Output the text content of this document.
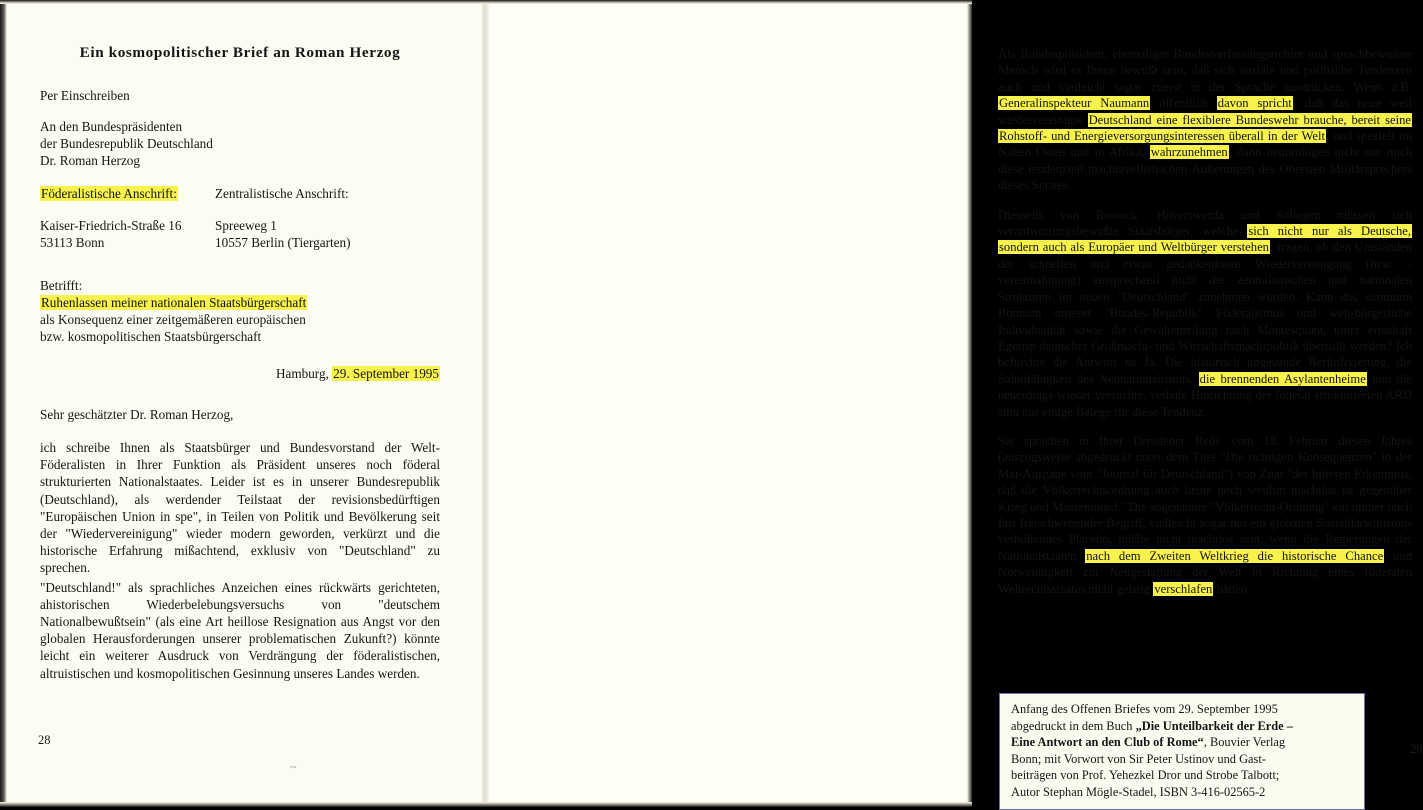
Ein kosmopolitischer Brief an Roman Herzog
Per Einschreiben
An den Bundespräsidenten
der Bundesrepublik Deutschland
Dr. Roman Herzog
Föderalistische Anschrift:	Zentralistische Anschrift:
Kaiser-Friedrich-Straße 16
53113 Bonn
Spreeweg 1
10557 Berlin (Tiergarten)
Betrifft:
Ruhenlassen meiner nationalen Staatsbürgerschaft
als Konsequenz einer zeitgemäßeren europäischen
bzw. kosmopolitischen Staatsbürgerschaft
Hamburg, 29. September 1995
Sehr geschätzter Dr. Roman Herzog,
ich schreibe Ihnen als Staatsbürger und Bundesvorstand der Welt-Föderalisten in Ihrer Funktion als Präsident unseres noch föderal strukturierten Nationalstaates. Leider ist es in unserer Bundesrepublik (Deutschland), als werdender Teilstaat der revisionsbedürftigen "Europäischen Union in spe", in Teilen von Politik und Bevölkerung seit der "Wiedervereinigung" wieder modern geworden, verkürzt und die historische Erfahrung mißachtend, exklusiv von "Deutschland" zu sprechen.
"Deutschland!" als sprachliches Anzeichen eines rückwärts gerichteten, ahistorischen Wiederbelebungsversuchs von "deutschem Nationalbewußtsein" (als eine Art heillose Resignation aus Angst vor den globalen Herausforderungen unserer problematischen Zukunft?) könnte leicht ein weiterer Ausdruck von Verdrängung der föderalistischen, altruistischen und kosmopolitischen Gesinnung unseres Landes werden.
28

Als Bundespräsident, ehemaliger Bundesverfassungsrichter und sprachbewußter Mensch wird es Ihnen bewußt sein, daß sich soziale und politische Tendenzen auch und vielleicht sogar zuerst in der Sprache ausdrücken. Wenn z.B. Generalinspekteur Naumann öffentlich davon spricht, daß das neue weil wiedervereinigte Deutschland eine flexiblere Bundeswehr brauche, bereit seine Rohstoff- und Energieversorgungsinteressen überall in der Welt, und speziell im Nahen Osten und in Afrika, wahrzunehmen, dann beunruhigen nicht nur mich diese tendenziell machiavellistischen Äußerungen des Obersten Militärsprechers dieses Staates.

Diesseits von Rostock, Hoyerswerda und Solingen müssen sich verantwortungsbewußte Staatsbürger, welche sich nicht nur als Deutsche, sondern auch als Europäer und Weltbürger verstehen, fragen, ob den Umständen der schnellen und etwas gedankenlosen Wiedervereinigung (bzw. -vereinnahmung) entsprechend nicht die zentralistischen und nationalen Strukturen im neuen "Deutschland" zunehmen würden. Kann das summum Bonnum unserer "Bundes-Republik" Föderalismus und welt-bürgerliche Individualität sowie die Gewaltenteilung nach Montesquieu, unter ernsthaft Egotrip deutscher Großmacht- und Wirtschaftsmachtpolitik überrollt werden? Ich befürchte die Antwort ist Ja. Die historisch ungesunde Berlinfixierung, die Salonfähigkeit des Neonationalismus, die brennenden Asylantenheime und die neuerdings wieder versuchte, verbale Hinrichtung der föderal strukturierten ARD sind nur einige Belege für diese Tendenz.

Sie sprachen in Ihrer Dresdener Rede vom 13. Februar diesen Jahres (auszugsweise abgedruckt unter dem Titel "Die richtigen Konsequenzen" in der Mai-Ausgabe vom "Journal für Deutschland") von Zitat "der bitteren Erkenntnis, daß die Völkerrechtsordnung auch heute noch weithin machtlos ist gegenüber Krieg und Massenmord." Die sogenannte "Völkerrecht-Ordnung" ein immer noch fast freischwebender Begriff, vielleicht sogar nur ein globalen Sozialdarwinismus verhüllendes Placebo, müßte nicht machtlos sein, wenn die Regierungen der Nationalstaaten nach dem Zweiten Weltkrieg die historische Chance und Notwendigkeit zur Neugestaltung der Welt in Richtung eines föderalen Weltrechtsstaates nicht geistig verschlafen hätten.

Anfang des Offenen Briefes vom 29. September 1995
abgedruckt in dem Buch „Die Unteilbarkeit der Erde –
Eine Antwort an den Club of Rome“, Bouvier Verlag
Bonn; mit Vorwort von Sir Peter Ustinov und Gast-
beiträgen von Prof. Yehezkel Dror und Strobe Talbott;
Autor Stephan Mögle-Stadel, ISBN 3-416-02565-2
29
~
